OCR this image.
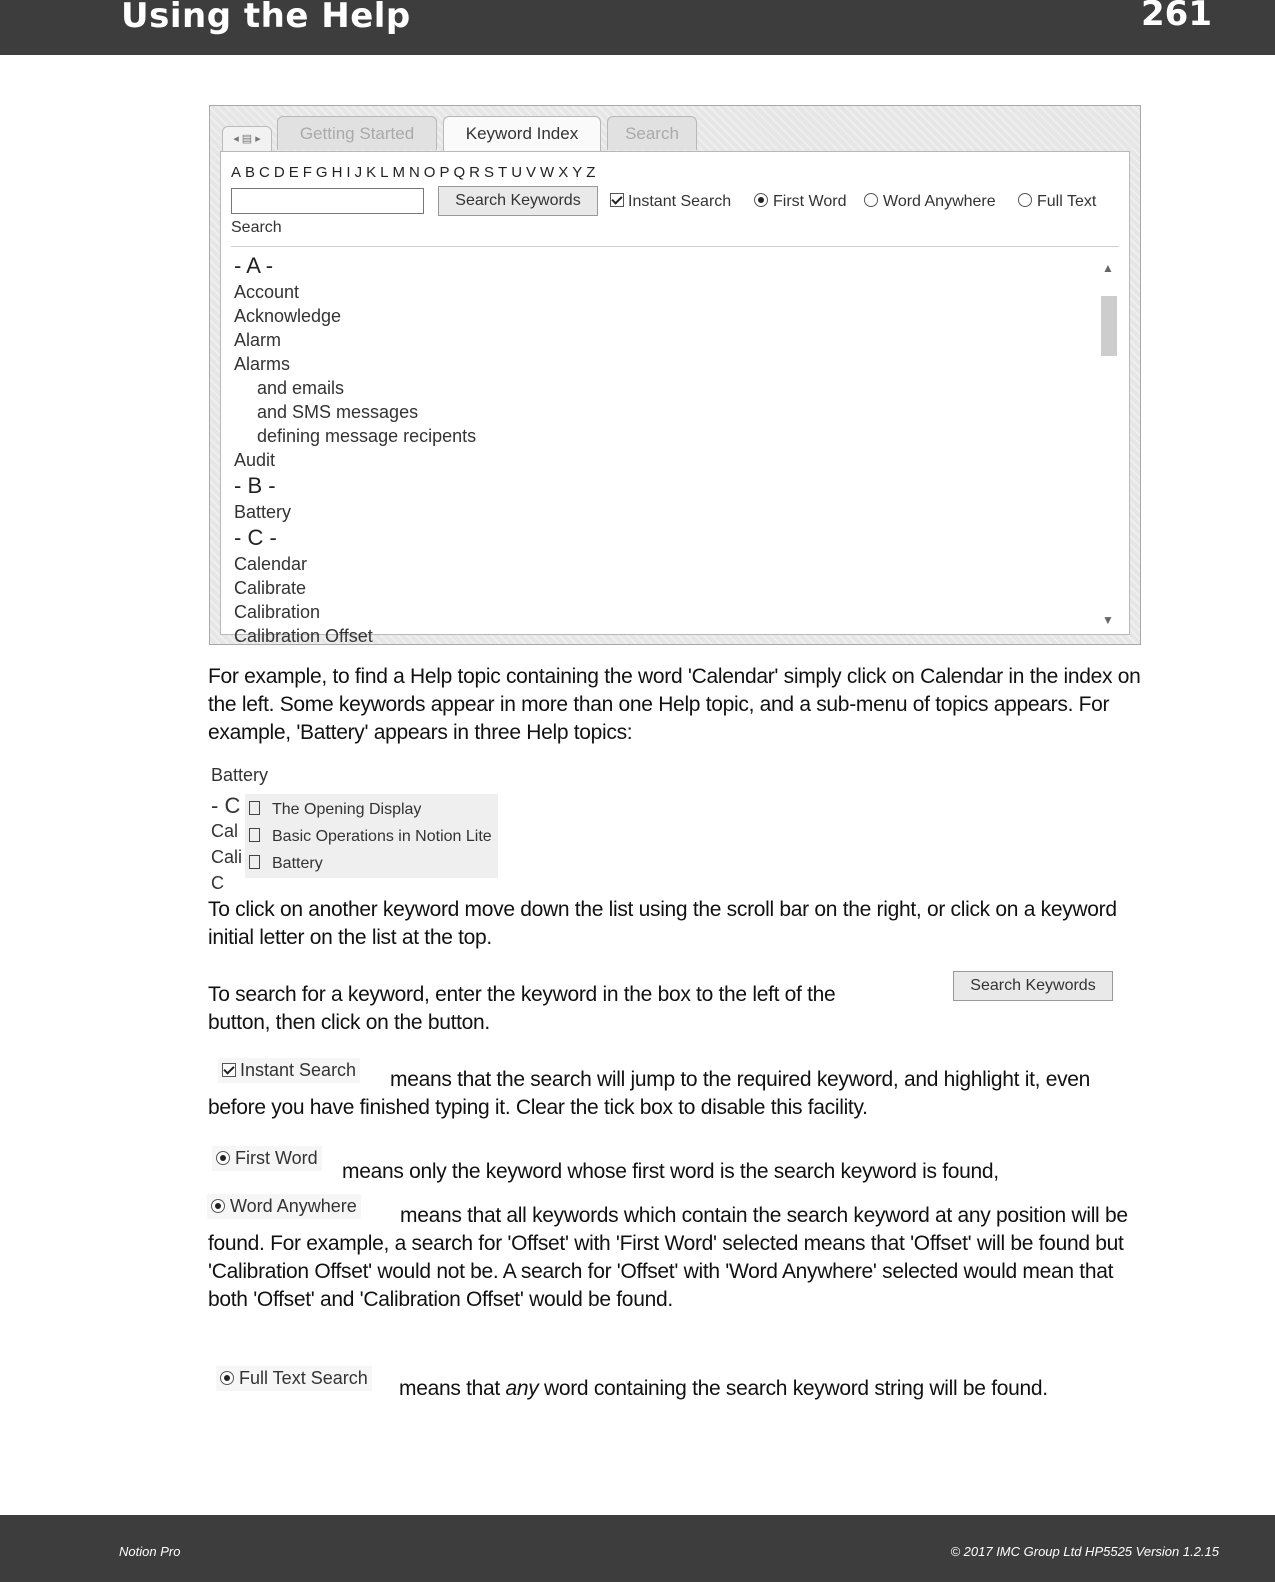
Using the Help	261
◂ ▤ ▸	Getting Started	Keyword Index	Search
A B C D E F G H I J K L M N O P Q R S T U V W X Y Z
Search Keywords	Instant Search	First Word	Word Anywhere	Full Text
Search
- A -
Account
Acknowledge
Alarm
Alarms
and emails
and SMS messages
defining message recipents
Audit
- B -
Battery
- C -
Calendar
Calibrate
Calibration
Calibration Offset
▲
▼
For example, to find a Help topic containing the word 'Calendar' simply click on Calendar in the index on the left. Some keywords appear in more than one Help topic, and a sub-menu of topics appears. For example, 'Battery' appears in three Help topics:
Battery
- C
Cal
Cali
C
The Opening Display
Basic Operations in Notion Lite
Battery
To click on another keyword move down the list using the scroll bar on the right, or click on a keyword initial letter on the list at the top.
To search for a keyword, enter the keyword in the box to the left of the
button, then click on the button.
Search Keywords
Instant Search	means that the search will jump to the required keyword, and highlight it, even before you have finished typing it. Clear the tick box to disable this facility.
First Word
means only the keyword whose first word is the search keyword is found,
Word Anywhere	means that all keywords which contain the search keyword at any position will be found. For example, a search for 'Offset' with 'First Word' selected means that 'Offset' will be found but 'Calibration Offset' would not be. A search for 'Offset' with 'Word Anywhere' selected would mean that both 'Offset' and 'Calibration Offset' would be found.
Full Text Search	means that any word containing the search keyword string will be found.
Notion Pro	© 2017 IMC Group Ltd HP5525 Version 1.2.15
